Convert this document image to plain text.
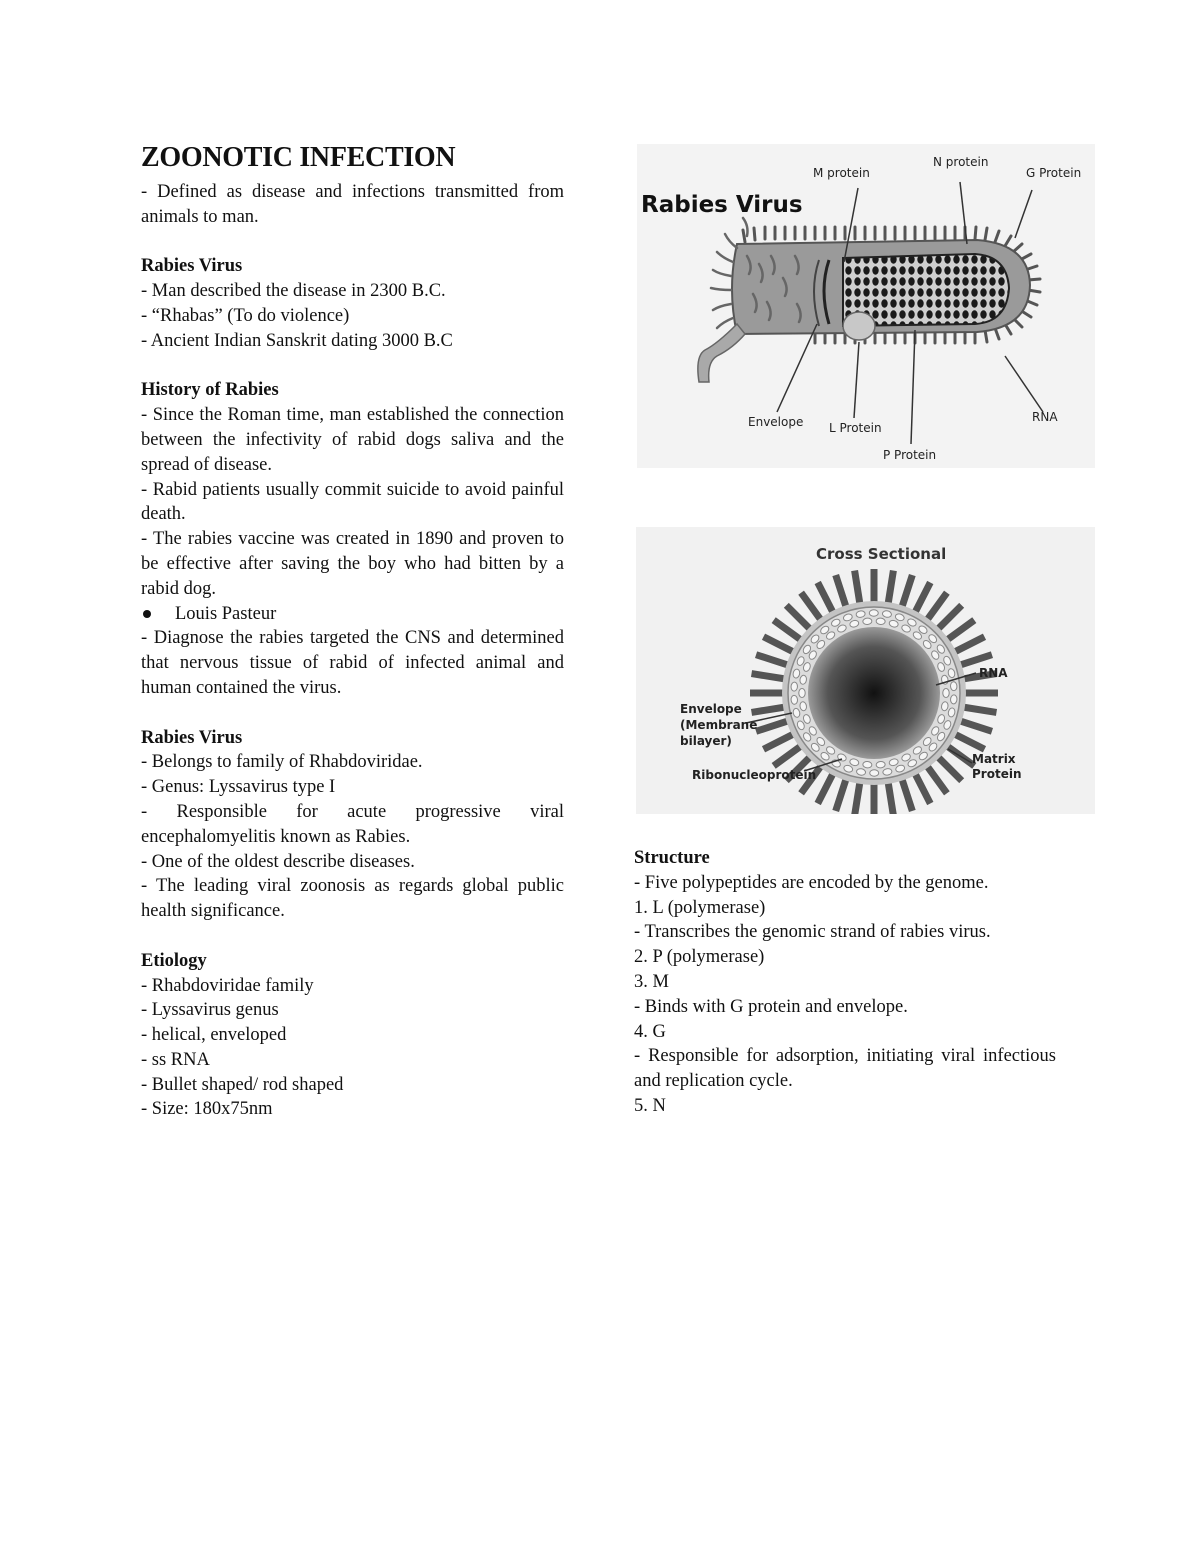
ZOONOTIC INFECTION

- Defined as disease and infections transmitted from animals to man.

Rabies Virus

- Man described the disease in 2300 B.C.

- “Rhabas” (To do violence)

- Ancient Indian Sanskrit dating 3000 B.C

History of Rabies

- Since the Roman time, man established the connection between the infectivity of rabid dogs saliva and the spread of disease.

- Rabid patients usually commit suicide to avoid painful death.

- The rabies vaccine was created in 1890 and proven to be effective after saving the boy who had bitten by a rabid dog.

Louis Pasteur

- Diagnose the rabies targeted the CNS and determined that nervous tissue of rabid of infected animal and human contained the virus.

Rabies Virus

- Belongs to family of Rhabdoviridae.

- Genus: Lyssavirus type I

- Responsible for acute progressive viral encephalomyelitis known as Rabies.

- One of the oldest describe diseases.

- The leading viral zoonosis as regards global public health significance.

Etiology

- Rhabdoviridae family

- Lyssavirus genus

- helical, enveloped

- ss RNA

- Bullet shaped/ rod shaped

- Size: 180x75nm

Rabies Virus
M protein
N protein
G Protein
Envelope L Protein
P Protein
RNA
Cross Sectional
RNA
Envelope
(Membrane
bilayer)
Ribonucleoprotein
Matrix
Protein

Structure

- Five polypeptides are encoded by the genome.

1. L (polymerase)

- Transcribes the genomic strand of rabies virus.

2. P (polymerase)

3. M

- Binds with G protein and envelope.

4. G

- Responsible for adsorption, initiating viral infectious and replication cycle.

5. N
